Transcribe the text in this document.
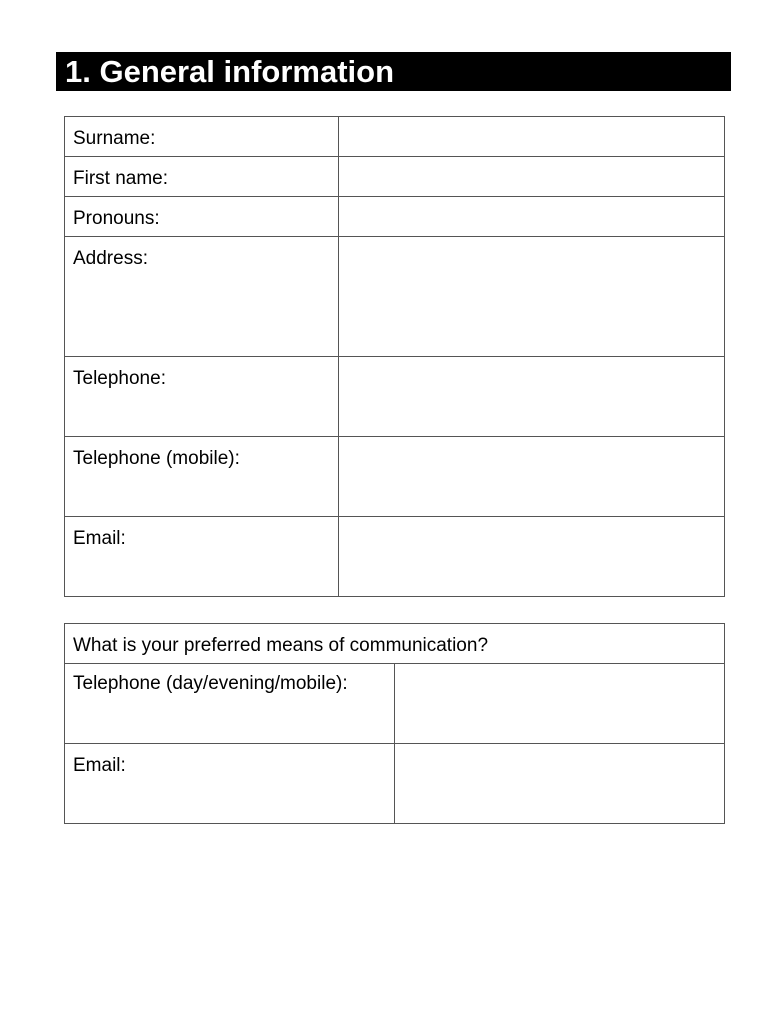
1. General information
Surname:	

First name:	

Pronouns:	

Address:	

Telephone:	

Telephone (mobile):	

Email:	
What is your preferred means of communication?	
Telephone (day/evening/mobile):	

Email:	
